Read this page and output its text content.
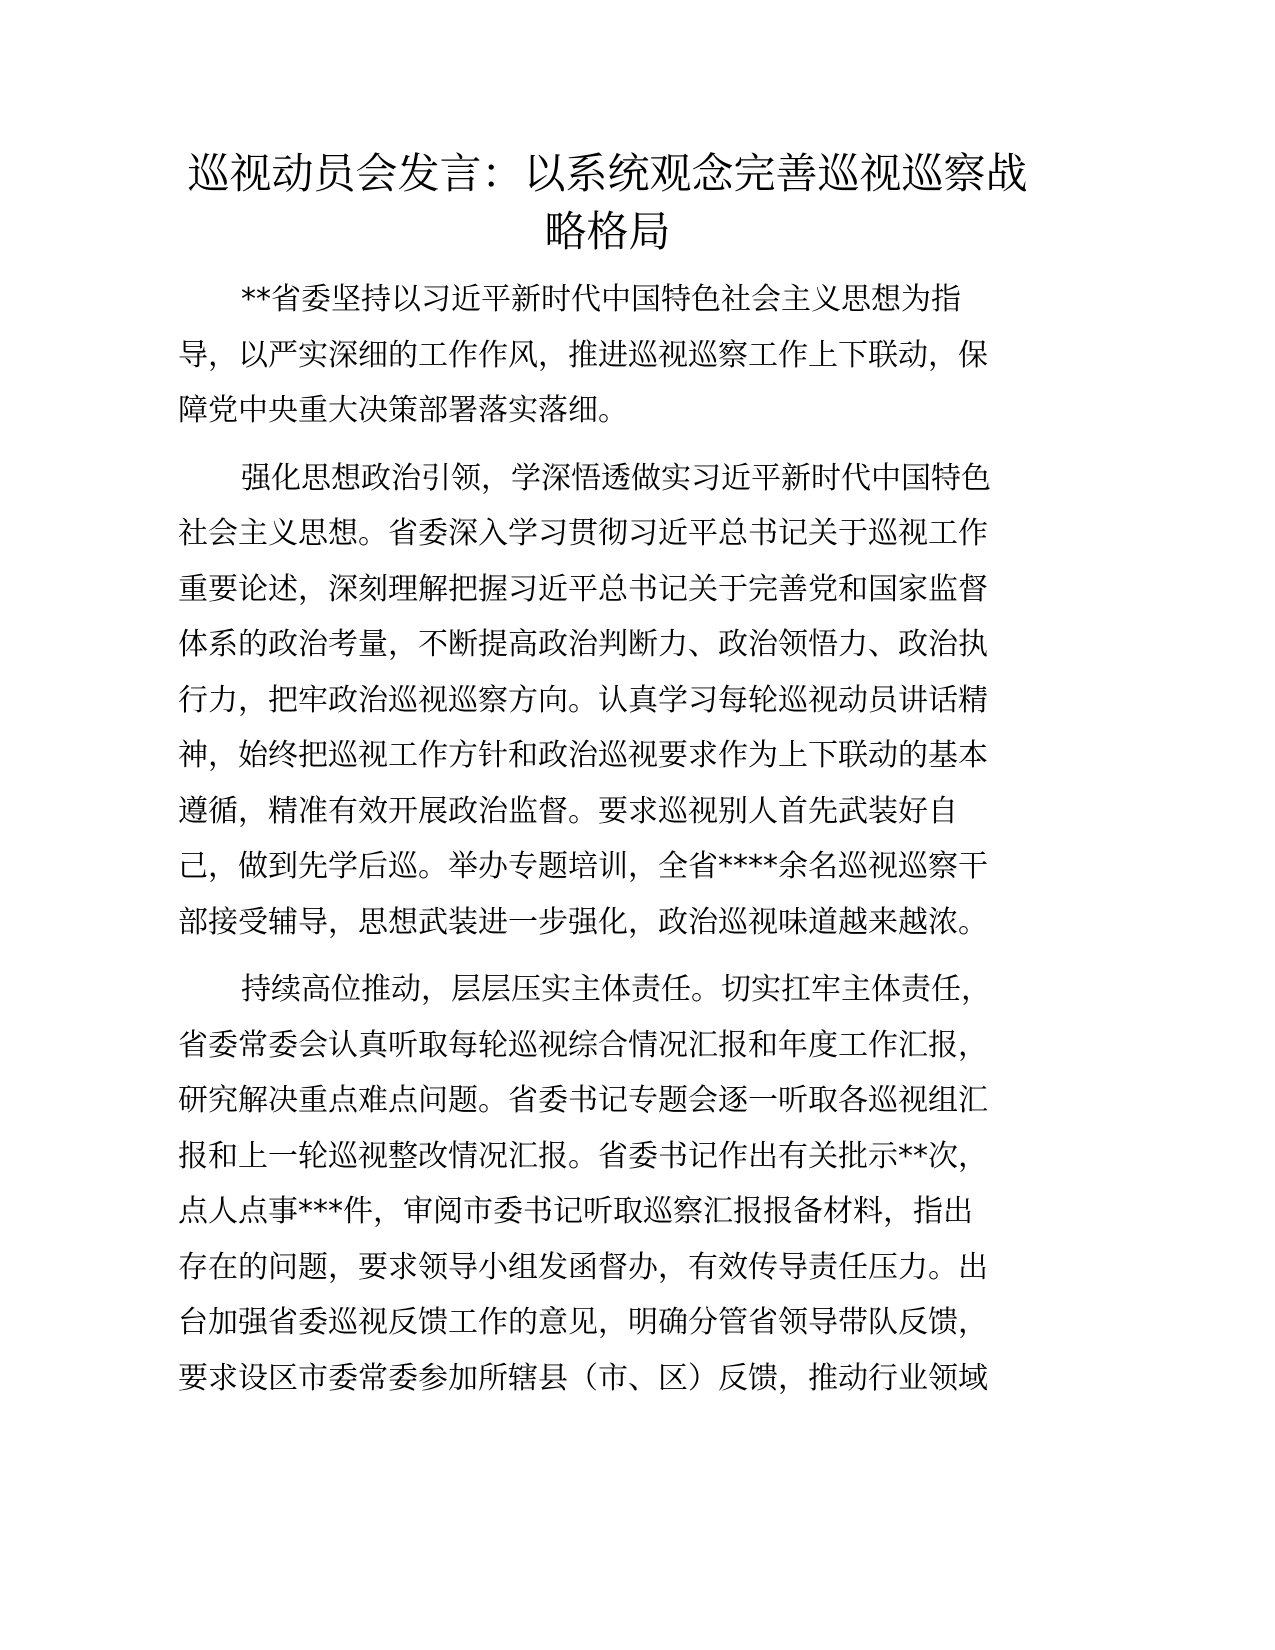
巡视动员会发言：以系统观念完善巡视巡察战
略格局
**省委坚持以习近平新时代中国特色社会主义思想为指
导，以严实深细的工作作风，推进巡视巡察工作上下联动，保
障党中央重大决策部署落实落细。
强化思想政治引领，学深悟透做实习近平新时代中国特色
社会主义思想。省委深入学习贯彻习近平总书记关于巡视工作
重要论述，深刻理解把握习近平总书记关于完善党和国家监督
体系的政治考量，不断提高政治判断力、政治领悟力、政治执
行力，把牢政治巡视巡察方向。认真学习每轮巡视动员讲话精
神，始终把巡视工作方针和政治巡视要求作为上下联动的基本
遵循，精准有效开展政治监督。要求巡视别人首先武装好自
己，做到先学后巡。举办专题培训，全省****余名巡视巡察干
部接受辅导，思想武装进一步强化，政治巡视味道越来越浓。
持续高位推动，层层压实主体责任。切实扛牢主体责任，
省委常委会认真听取每轮巡视综合情况汇报和年度工作汇报，
研究解决重点难点问题。省委书记专题会逐一听取各巡视组汇
报和上一轮巡视整改情况汇报。省委书记作出有关批示**次，
点人点事***件，审阅市委书记听取巡察汇报报备材料，指出
存在的问题，要求领导小组发函督办，有效传导责任压力。出
台加强省委巡视反馈工作的意见，明确分管省领导带队反馈，
要求设区市委常委参加所辖县（市、区）反馈，推动行业领域
